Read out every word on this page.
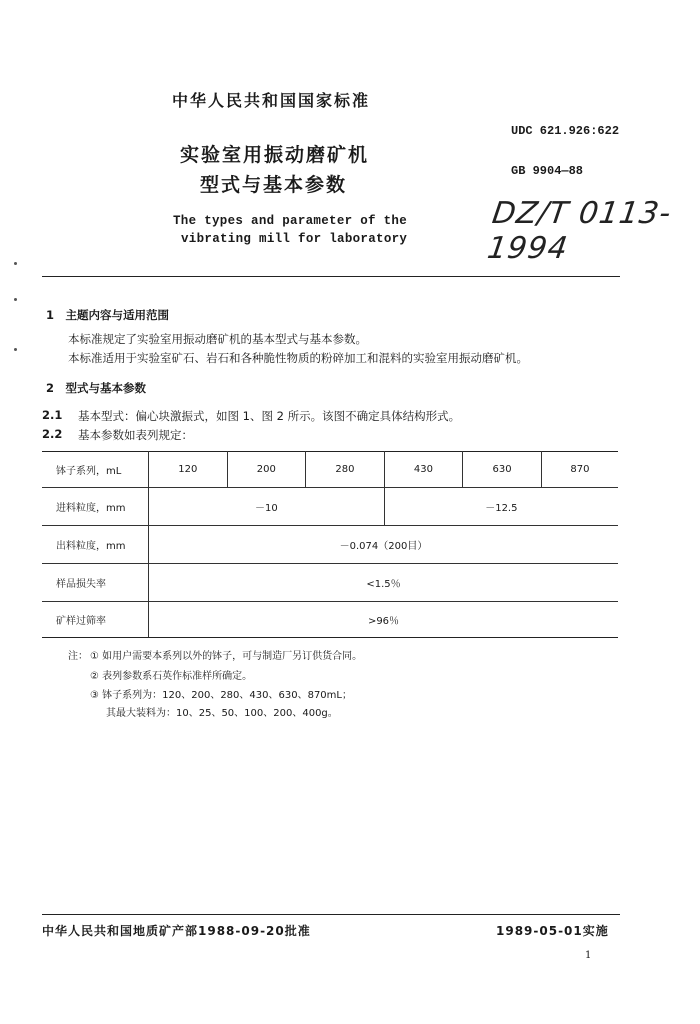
中华人民共和国国家标准
实验室用振动磨矿机
型式与基本参数
The types and parameter of the
vibrating mill for laboratory
UDC 621.926:622
GB 9904—88
DZ/T 0113-1994
1　主题内容与适用范围
本标准规定了实验室用振动磨矿机的基本型式与基本参数。
本标准适用于实验室矿石、岩石和各种脆性物质的粉碎加工和混料的实验室用振动磨矿机。
2　型式与基本参数
2.1 基本型式：偏心块激振式，如图 1、图 2 所示。该图不确定具体结构形式。
2.2 基本参数如表列规定：
钵子系列，mL	120	200	280	430	630	870
进料粒度，mm	－10			－12.5		
出料粒度，mm	－0.074（200目）					
样品损失率	<1.5％					
矿样过筛率	>96％					
注： ① 如用户需要本系列以外的钵子，可与制造厂另订供货合同。
② 表列参数系石英作标准样所确定。
③ 钵子系列为：120、200、280、430、630、870mL；
其最大装料为：10、25、50、100、200、400g。
中华人民共和国地质矿产部1988-09-20批准	1989-05-01实施
1
